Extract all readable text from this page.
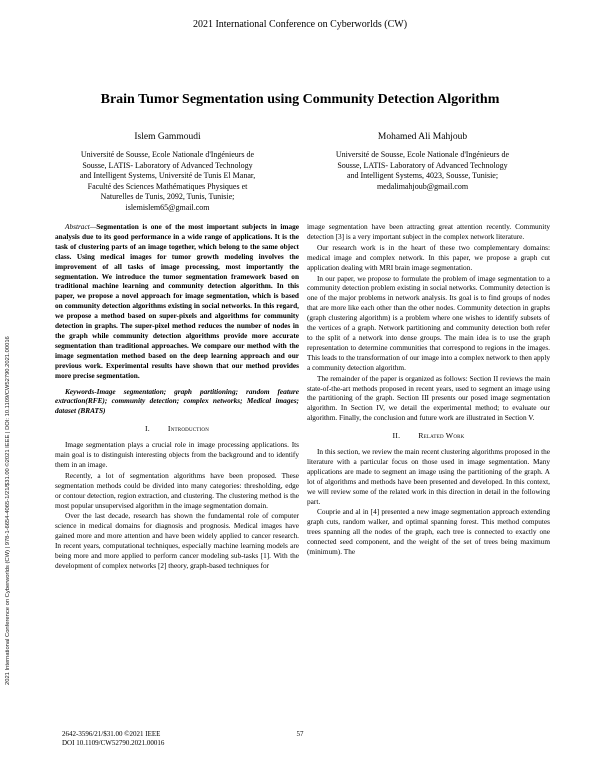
2021 International Conference on Cyberworlds (CW)
Brain Tumor Segmentation using Community Detection Algorithm
Islem Gammoudi
Université de Sousse, Ecole Nationale d'Ingénieurs de
Sousse, LATIS- Laboratory of Advanced Technology
and Intelligent Systems, Université de Tunis El Manar,
Faculté des Sciences Mathématiques Physiques et
Naturelles de Tunis, 2092, Tunis, Tunisie;
islemislem65@gmail.com
Mohamed Ali Mahjoub
Université de Sousse, Ecole Nationale d'Ingénieurs de
Sousse, LATIS- Laboratory of Advanced Technology
and Intelligent Systems, 4023, Sousse, Tunisie;
medalimahjoub@gmail.com

Abstract—Segmentation is one of the most important subjects in image analysis due to its good performance in a wide range of applications. It is the task of clustering parts of an image together, which belong to the same object class. Using medical images for tumor growth modeling involves the improvement of all tasks of image processing, most importantly the segmentation. We introduce the tumor segmentation framework based on traditional machine learning and community detection algorithm. In this paper, we propose a novel approach for image segmentation, which is based on community detection algorithms existing in social networks. In this regard, we propose a method based on super-pixels and algorithms for community detection in graphs. The super-pixel method reduces the number of nodes in the graph while community detection algorithms provide more accurate segmentation than traditional approaches. We compare our method with the image segmentation method based on the deep learning approach and our previous work. Experimental results have shown that our method provides more precise segmentation.

Keywords-Image segmentation; graph partitioning; random feature extraction(RFE); community detection; complex networks; Medical images; dataset (BRATS)

I. Introduction

Image segmentation plays a crucial role in image processing applications. Its main goal is to distinguish interesting objects from the background and to identify them in an image.

Recently, a lot of segmentation algorithms have been proposed. These segmentation methods could be divided into many categories: thresholding, edge or contour detection, region extraction, and clustering. The clustering method is the most popular unsupervised algorithm in the image segmentation domain.

Over the last decade, research has shown the fundamental role of computer science in medical domains for diagnosis and prognosis. Medical images have gained more and more attention and have been widely applied to cancer research. In recent years, computational techniques, especially machine learning models are being more and more applied to perform cancer modeling sub-tasks [1]. With the development of complex networks [2] theory, graph-based techniques for

image segmentation have been attracting great attention recently. Community detection [3] is a very important subject in the complex network literature.

Our research work is in the heart of these two complementary domains: medical image and complex network. In this paper, we propose a graph cut application dealing with MRI brain image segmentation.

In our paper, we propose to formulate the problem of image segmentation to a community detection problem existing in social networks. Community detection is one of the major problems in network analysis. Its goal is to find groups of nodes that are more like each other than the other nodes. Community detection in graphs (graph clustering algorithm) is a problem where one wishes to identify subsets of the vertices of a graph. Network partitioning and community detection both refer to the split of a network into dense groups. The main idea is to use the graph representation to determine communities that correspond to regions in the images. This leads to the transformation of our image into a complex network to then apply a community detection algorithm.

The remainder of the paper is organized as follows: Section II reviews the main state-of-the-art methods proposed in recent years, used to segment an image using the partitioning of the graph. Section III presents our posed image segmentation algorithm. In Section IV, we detail the experimental method; to evaluate our algorithm. Finally, the conclusion and future work are illustrated in Section V.

II. Related Work

In this section, we review the main recent clustering algorithms proposed in the literature with a particular focus on those used in image segmentation. Many applications are made to segment an image using the partitioning of the graph. A lot of algorithms and methods have been presented and developed. In this context, we will review some of the related work in this direction in detail in the following part.

Couprie and al in [4] presented a new image segmentation approach extending graph cuts, random walker, and optimal spanning forest. This method computes trees spanning all the nodes of the graph, each tree is connected to exactly one connected seed component, and the weight of the set of trees being maximum (minimum). The

2021 International Conference on Cyberworlds (CW) | 978-1-6654-4065-1/21/$31.00 ©2021 IEEE | DOI: 10.1109/CW52790.2021.00016
2642-3596/21/$31.00 ©2021 IEEE
DOI 10.1109/CW52790.2021.00016
57
